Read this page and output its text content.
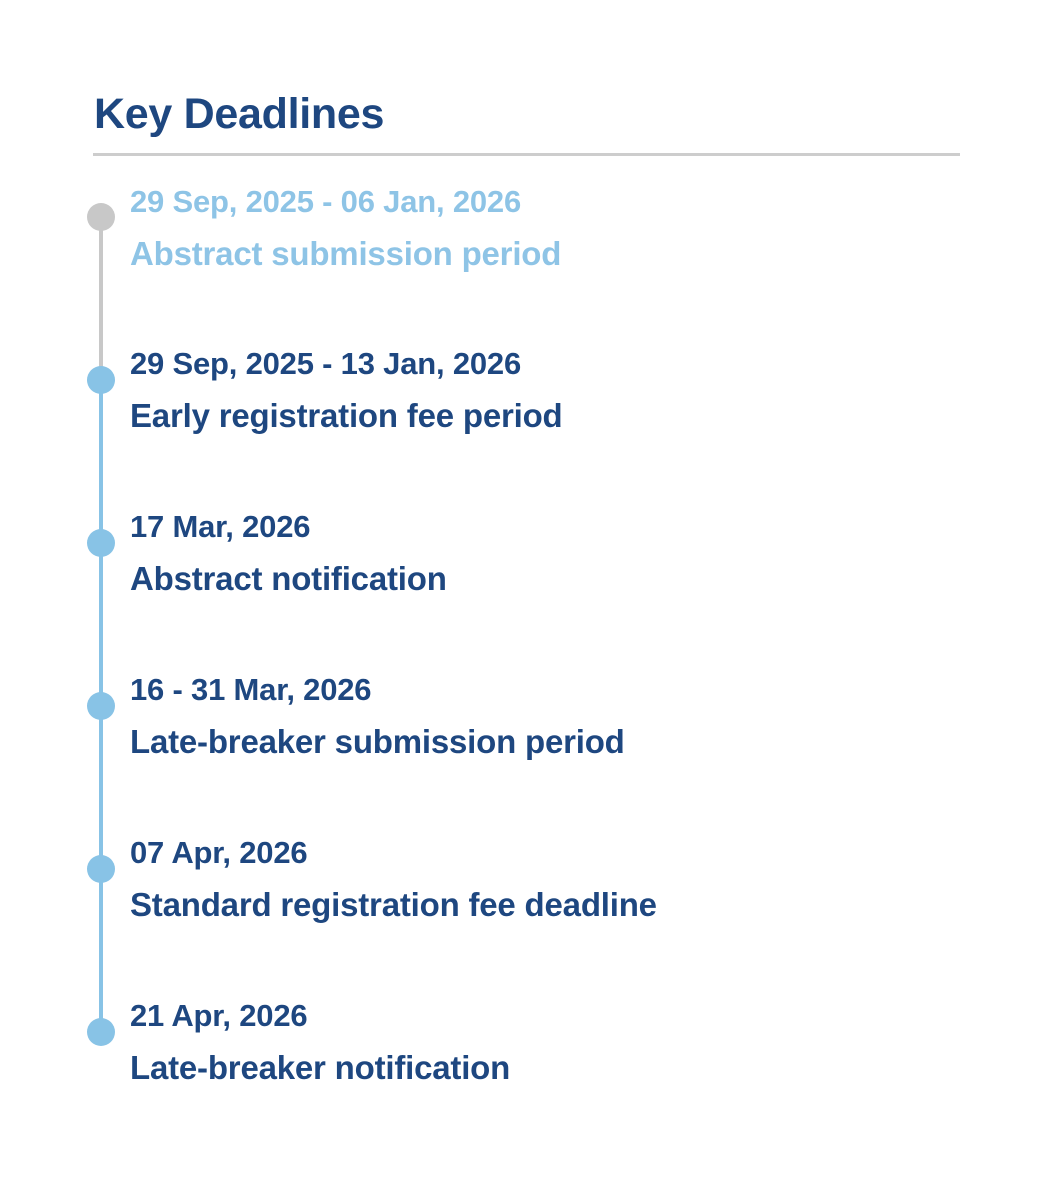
Key Deadlines
29 Sep, 2025 - 06 Jan, 2026
Abstract submission period
29 Sep, 2025 - 13 Jan, 2026
Early registration fee period
17 Mar, 2026
Abstract notification
16 - 31 Mar, 2026
Late-breaker submission period
07 Apr, 2026
Standard registration fee deadline
21 Apr, 2026
Late-breaker notification
